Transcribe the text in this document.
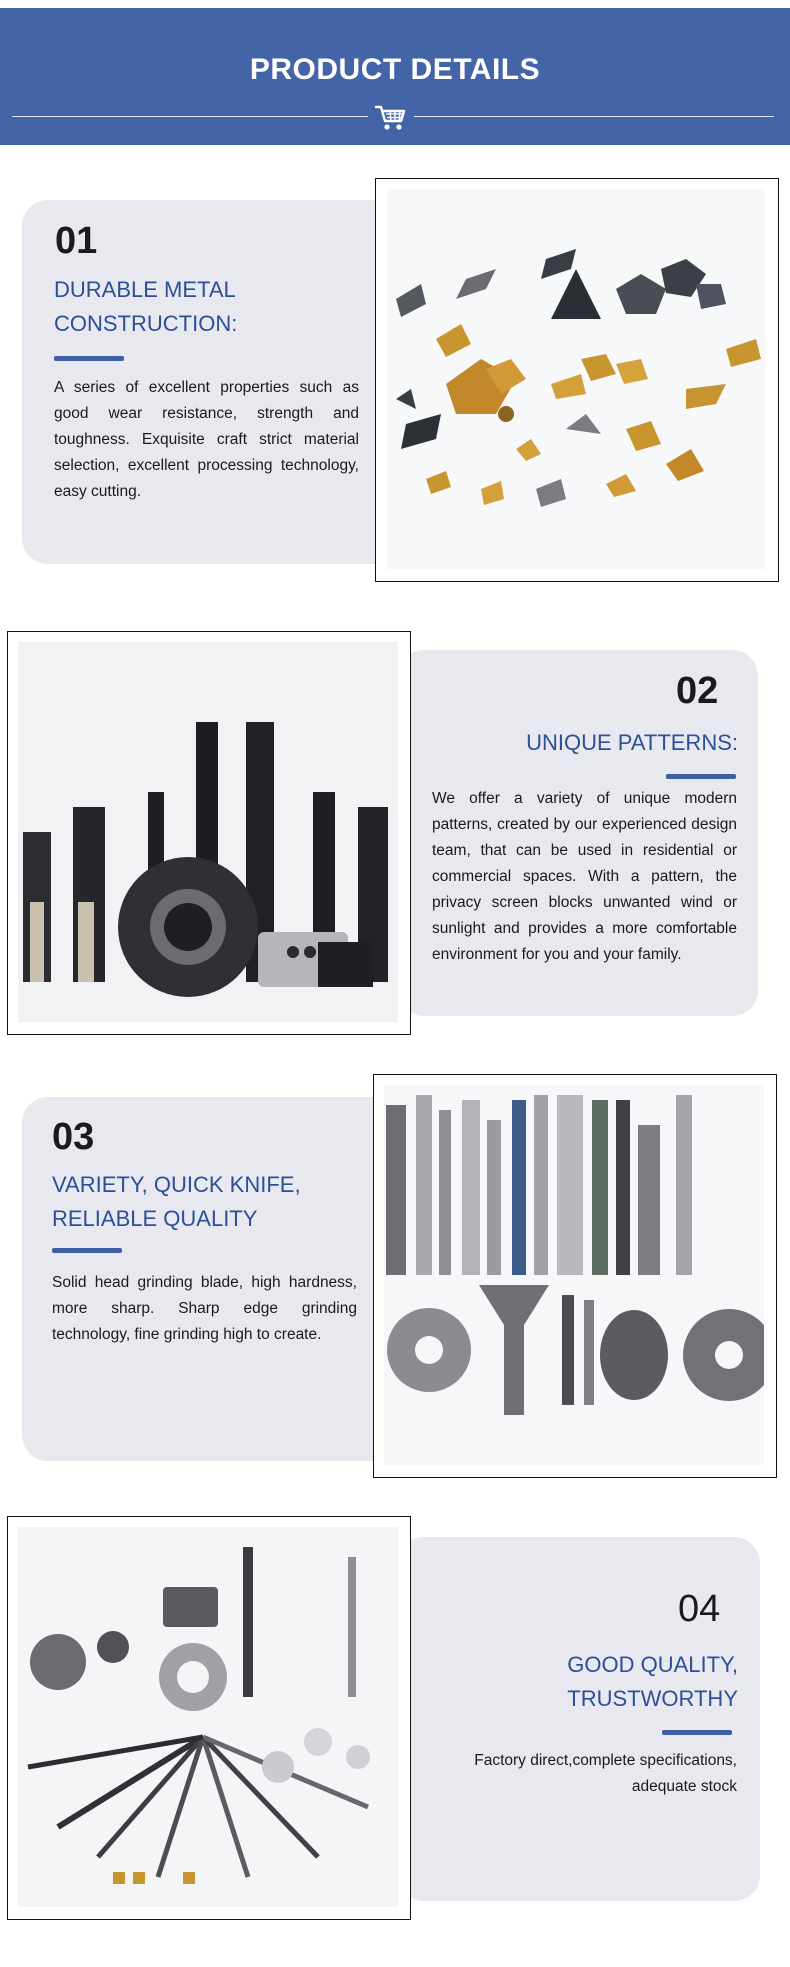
PRODUCT DETAILS
01
DURABLE METAL CONSTRUCTION:
A series of excellent properties such as good wear resistance, strength and toughness. Exquisite craft strict material selection, excellent processing technology, easy cutting.
02
UNIQUE PATTERNS:
We offer a variety of unique modern patterns, created by our experienced design team, that can be used in residential or commercial spaces. With a pattern, the privacy screen blocks unwanted wind or sunlight and provides a more comfortable environment for you and your family.
03
VARIETY, QUICK KNIFE, RELIABLE QUALITY
Solid head grinding blade, high hardness, more sharp. Sharp edge grinding technology, fine grinding high to create.
04
GOOD QUALITY, TRUSTWORTHY
Factory direct,complete specifications, adequate stock
